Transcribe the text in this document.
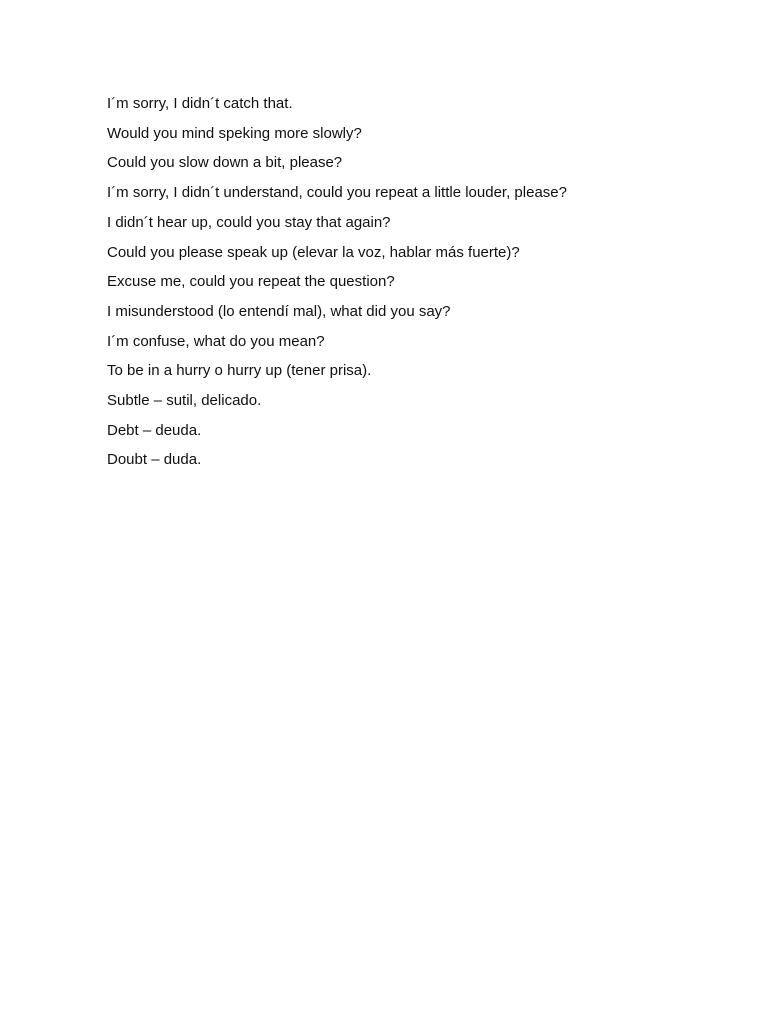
I´m sorry, I didn´t catch that.
Would you mind speking more slowly?
Could you slow down a bit, please?
I´m sorry, I didn´t understand, could you repeat a little louder, please?
I didn´t hear up, could you stay that again?
Could you please speak up (elevar la voz, hablar más fuerte)?
Excuse me, could you repeat the question?
I misunderstood (lo entendí mal), what did you say?
I´m confuse, what do you mean?
To be in a hurry o hurry up (tener prisa).
Subtle – sutil, delicado.
Debt – deuda.
Doubt – duda.
